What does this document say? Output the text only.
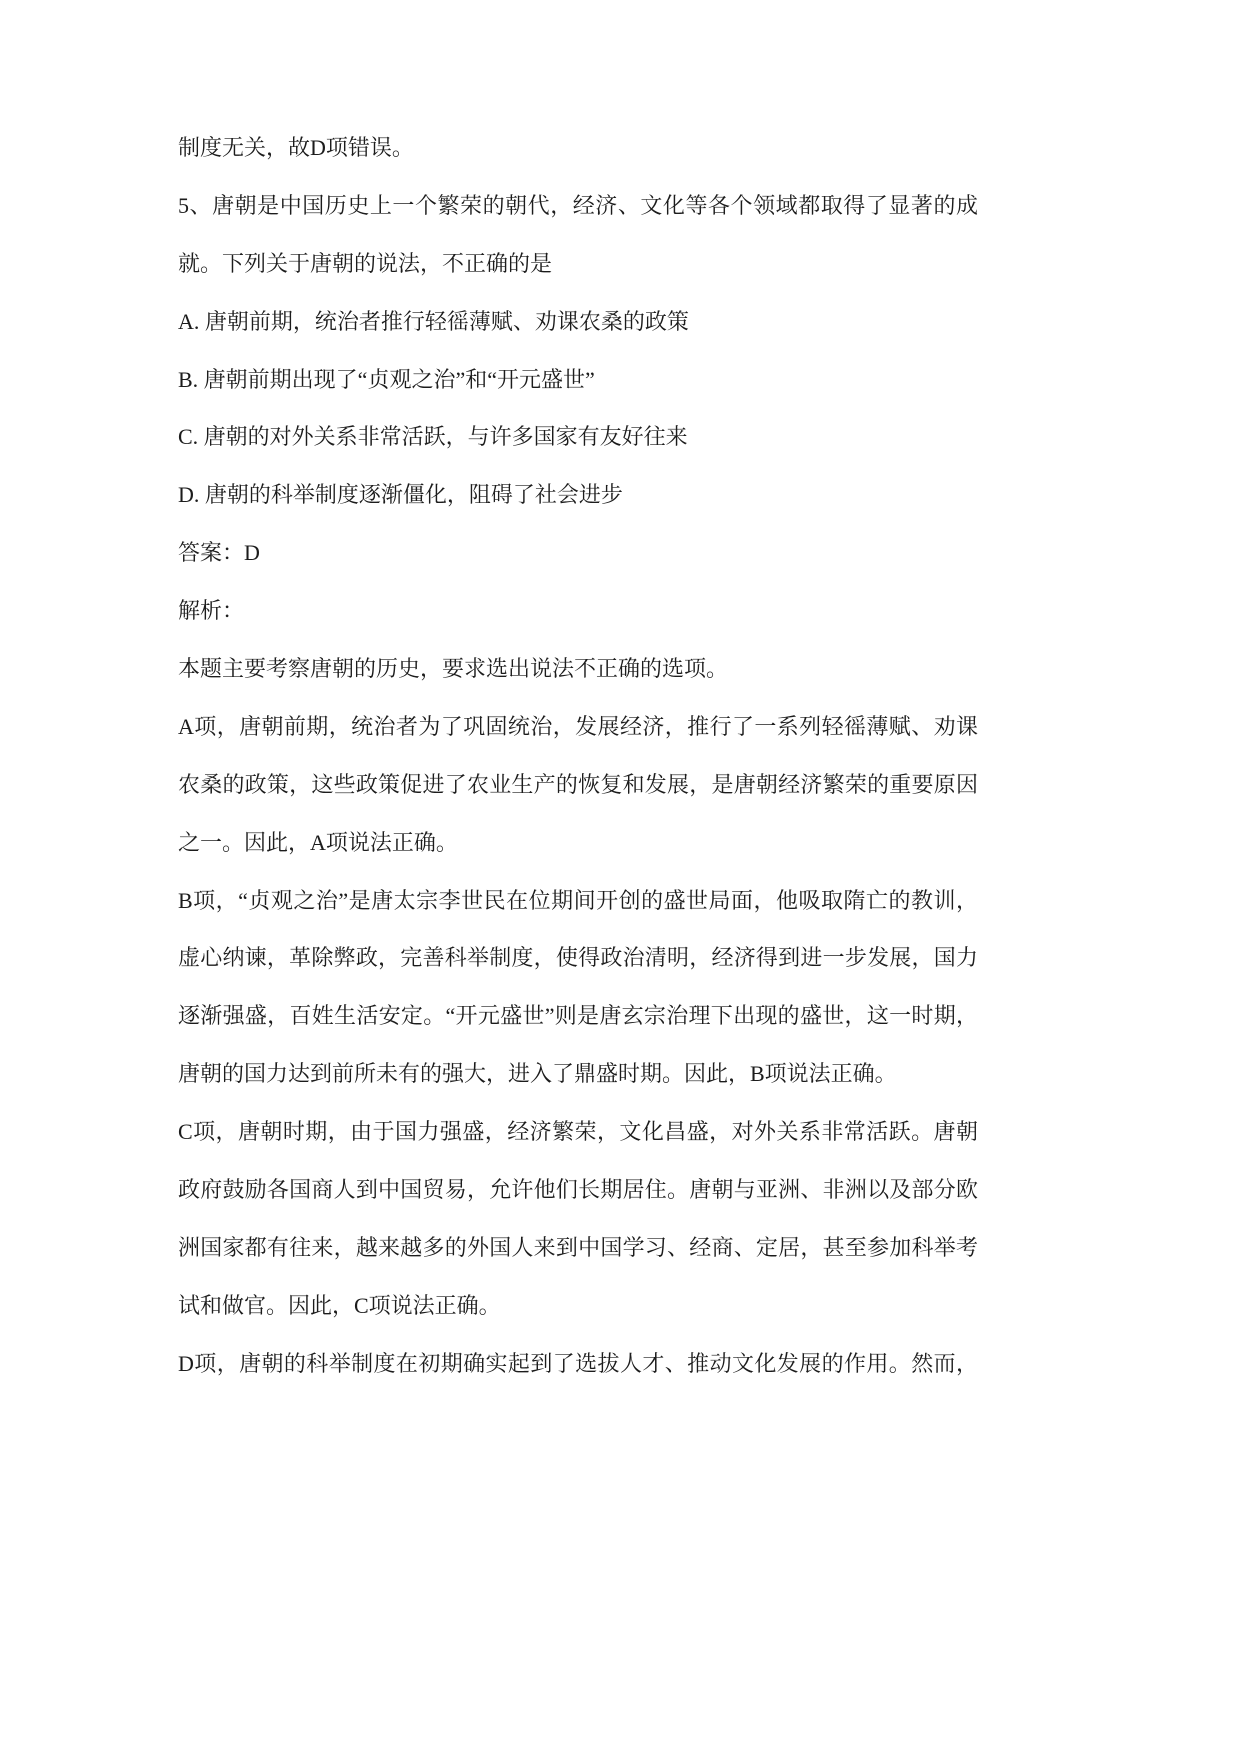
制度无关，故D项错误。
5、唐朝是中国历史上一个繁荣的朝代，经济、文化等各个领域都取得了显著的成
就。下列关于唐朝的说法，不正确的是
A. 唐朝前期，统治者推行轻徭薄赋、劝课农桑的政策
B. 唐朝前期出现了“贞观之治”和“开元盛世”
C. 唐朝的对外关系非常活跃，与许多国家有友好往来
D. 唐朝的科举制度逐渐僵化，阻碍了社会进步
答案：D
解析：
本题主要考察唐朝的历史，要求选出说法不正确的选项。
A项，唐朝前期，统治者为了巩固统治，发展经济，推行了一系列轻徭薄赋、劝课
农桑的政策，这些政策促进了农业生产的恢复和发展，是唐朝经济繁荣的重要原因
之一。因此，A项说法正确。
B项，“贞观之治”是唐太宗李世民在位期间开创的盛世局面，他吸取隋亡的教训，
虚心纳谏，革除弊政，完善科举制度，使得政治清明，经济得到进一步发展，国力
逐渐强盛，百姓生活安定。“开元盛世”则是唐玄宗治理下出现的盛世，这一时期，
唐朝的国力达到前所未有的强大，进入了鼎盛时期。因此，B项说法正确。
C项，唐朝时期，由于国力强盛，经济繁荣，文化昌盛，对外关系非常活跃。唐朝
政府鼓励各国商人到中国贸易，允许他们长期居住。唐朝与亚洲、非洲以及部分欧
洲国家都有往来，越来越多的外国人来到中国学习、经商、定居，甚至参加科举考
试和做官。因此，C项说法正确。
D项，唐朝的科举制度在初期确实起到了选拔人才、推动文化发展的作用。然而，
